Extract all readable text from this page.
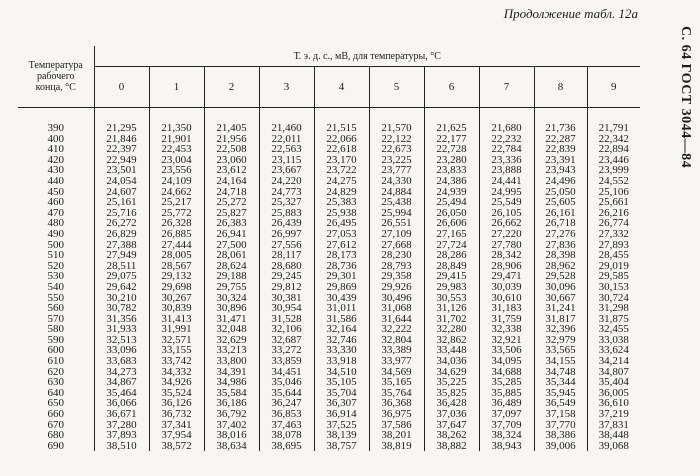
Продолжение табл. 12а
С. 64 ГОСТ 3044—84
Температура
рабочего
конца, °С	Т. э. д. с., мВ, для температуры, °С									
	0	1	2	3	4	5	6	7	8	9
390	21,295	21,350	21,405	21,460	21,515	21,570	21,625	21,680	21,736	21,791
400	21,846	21,901	21,956	22,011	22,066	22,122	22,177	22,232	22,287	22,342
410	22,397	22,453	22,508	22,563	22,618	22,673	22,728	22,784	22,839	22,894
420	22,949	23,004	23,060	23,115	23,170	23,225	23,280	23,336	23,391	23,446
430	23,501	23,556	23,612	23,667	23,722	23,777	23,833	23,888	23,943	23,999
440	24,054	24,109	24,164	24,220	24,275	24,330	24,386	24,441	24,496	24,552
450	24,607	24,662	24,718	24,773	24,829	24,884	24,939	24,995	25,050	25,106
460	25,161	25,217	25,272	25,327	25,383	25,438	25,494	25,549	25,605	25,661
470	25,716	25,772	25,827	25,883	25,938	25,994	26,050	26,105	26,161	26,216
480	26,272	26,328	26,383	26,439	26,495	26,551	26,606	26,662	26,718	26,774
490	26,829	26,885	26,941	26,997	27,053	27,109	27,165	27,220	27,276	27,332
500	27,388	27,444	27,500	27,556	27,612	27,668	27,724	27,780	27,836	27,893
510	27,949	28,005	28,061	28,117	28,173	28,230	28,286	28,342	28,398	28,455
520	28,511	28,567	28,624	28,680	28,736	28,793	28,849	28,906	28,962	29,019
530	29,075	29,132	29,188	29,245	29,301	29,358	29,415	29,471	29,528	29,585
540	29,642	29,698	29,755	29,812	29,869	29,926	29,983	30,039	30,096	30,153
550	30,210	30,267	30,324	30,381	30,439	30,496	30,553	30,610	30,667	30,724
560	30,782	30,839	30,896	30,954	31,011	31,068	31,126	31,183	31,241	31,298
570	31,356	31,413	31,471	31,528	31,586	31,644	31,702	31,759	31,817	31,875
580	31,933	31,991	32,048	32,106	32,164	32,222	32,280	32,338	32,396	32,455
590	32,513	32,571	32,629	32,687	32,746	32,804	32,862	32,921	32,979	33,038
600	33,096	33,155	33,213	33,272	33,330	33,389	33,448	33,506	33,565	33,624
610	33,683	33,742	33,800	33,859	33,918	33,977	34,036	34,095	34,155	34,214
620	34,273	34,332	34,391	34,451	34,510	34,569	34,629	34,688	34,748	34,807
630	34,867	34,926	34,986	35,046	35,105	35,165	35,225	35,285	35,344	35,404
640	35,464	35,524	35,584	35,644	35,704	35,764	35,825	35,885	35,945	36,005
650	36,066	36,126	36,186	36,247	36,307	36,368	36,428	36,489	36,549	36,610
660	36,671	36,732	36,792	36,853	36,914	36,975	37,036	37,097	37,158	37,219
670	37,280	37,341	37,402	37,463	37,525	37,586	37,647	37,709	37,770	37,831
680	37,893	37,954	38,016	38,078	38,139	38,201	38,262	38,324	38,386	38,448
690	38,510	38,572	38,634	38,695	38,757	38,819	38,882	38,943	39,006	39,068
